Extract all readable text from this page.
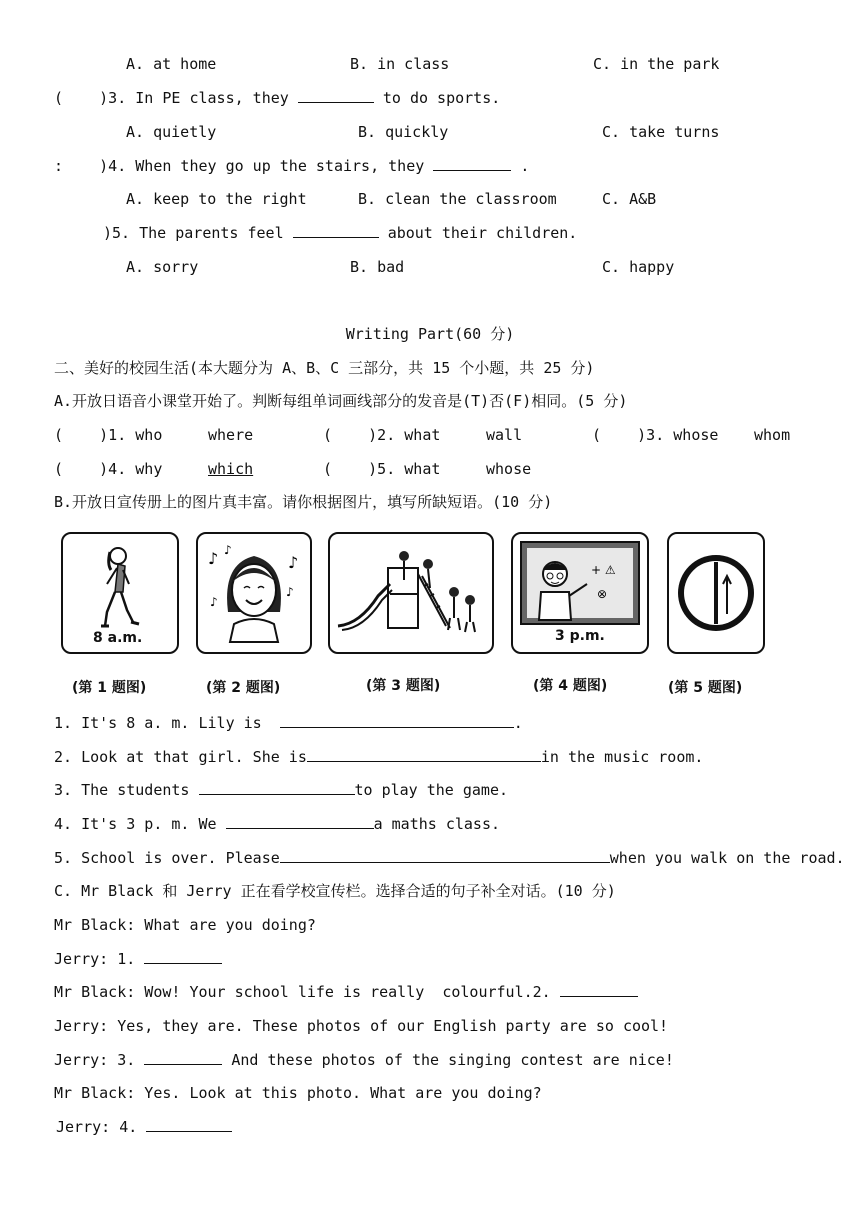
A. at home	B. in class	C. in the park
(    )3. In PE class, they	to do sports.
A. quietly	B. quickly	C. take turns
:    )4. When they go up the stairs, they	.
A. keep to the right	B. clean the classroom	C. A&B
)5. The parents feel	about their children.
A. sorry	B. bad	C. happy
Writing Part(60 分)
二、美好的校园生活(本大题分为 A、B、C 三部分，共 15 个小题，共 25 分)
A.开放日语音小课堂开始了。判断每组单词画线部分的发音是(T)否(F)相同。(5 分)
(    )1. who	where	(    )2. what	wall	(    )3. whose whom
(    )4. why	which	(    )5. what	whose
B.开放日宣传册上的图片真丰富。请你根据图片，填写所缺短语。(10 分)
8 a.m.
♪ ♪
♪
♪
♪
+ ⚠
⊗
3 p.m.
(第 1 题图)	(第 2 题图)	(第 3 题图)	(第 4 题图)	(第 5 题图)
1. It's 8 a. m. Lily is	.
2. Look at that girl. She is	in the music room.
3. The students	to play the game.
4. It's 3 p. m. We	a maths class.
5. School is over. Please	when you walk on the road.
C. Mr Black 和 Jerry 正在看学校宣传栏。选择合适的句子补全对话。(10 分)
Mr Black: What are you doing?
Jerry: 1.
Mr Black: Wow! Your school life is really  colourful.2.
Jerry: Yes, they are. These photos of our English party are so cool!
Jerry: 3.	And these photos of the singing contest are nice!
Mr Black: Yes. Look at this photo. What are you doing?
Jerry: 4.
